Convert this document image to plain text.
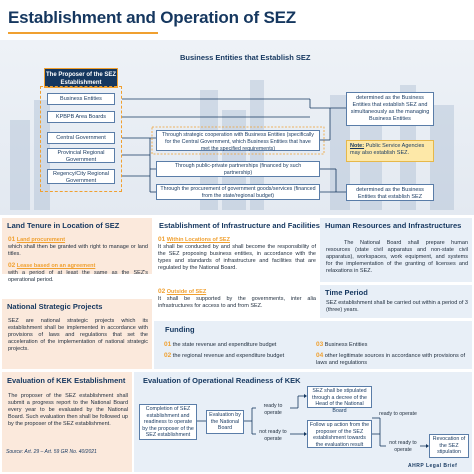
Establishment and Operation of SEZ
Business Entities that Establish SEZ
The Proposer of the SEZ Establishment
Business Entities
KPBPB Area Boards
Central Government
Provincial Regional Government
Regency/City Regional Government
Through strategic cooperation with Business Entities (specifically for the Central Government, which Business Entities that have met the specified requirements)
Through public-private partnerships (financed by such partnership)
Through the procurement of government goods/services (financed from the state/regional budget)
determined as the Business Entities that establish SEZ and simultaneously as the managing Business Entities
Note: Public Service Agencies may also establish SEZ.
determined as the Business Entities that establish SEZ
Land Tenure in Location of SEZ
01 Land procurement
which shall then be granted with right to manage or land titles.
02 Lease based on an agreement
with a period of at least the same as the SEZ's operational period.
Establishment of Infrastructure and Facilities
01 Within Locations of SEZ
It shall be conducted by and shall become the responsibility of the SEZ proposing business entities, in accordance with the types and standards of infrastructure and facilities that are regulated by the National Board.
02 Outside of SEZ
It shall be supported by the governments, inter alia infrastructures for access to and from SEZ.
Human Resources and Infrastructures
The National Board shall prepare human resources (state civil apparatus and non-state civil apparatus), workspaces, work equipment, and systems for the implementation of the granting of licenses and relaxations in SEZ.
Time Period
SEZ establishment shall be carried out within a period of 3 (three) years.
National Strategic Projects
SEZ are national strategic projects which its establishment shall be implemented in accordance with provisions of laws and regulations that set the acceleration of the implementation of national strategic projects.
Funding
01 the state revenue and expenditure budget
02 the regional revenue and expenditure budget
03 Business Entities
04 other legitimate sources in accordance with provisions of laws and regulations
Evaluation of KEK Establishment
The proposer of the SEZ establishment shall submit a progress report to the National Board every year to be evaluated by the National Board. Such evaluation then shall be followed up by the proposer of the SEZ establishment.
Source: Art. 29 – Art. 59 GR No. 40/2021
Evaluation of Operational Readiness of KEK
Completion of SEZ establishment and readiness to operate by the proposer of the SEZ establishment
Evaluation by the National Board
ready to operate
not ready to operate
SEZ shall be stipulated through a decree of the Head of the National Board
Follow up action from the proposer of the SEZ establishment towards the evaluation result
ready to operate
not ready to operate
Revocation of the SEZ stipulation
AHRP Legal Brief
